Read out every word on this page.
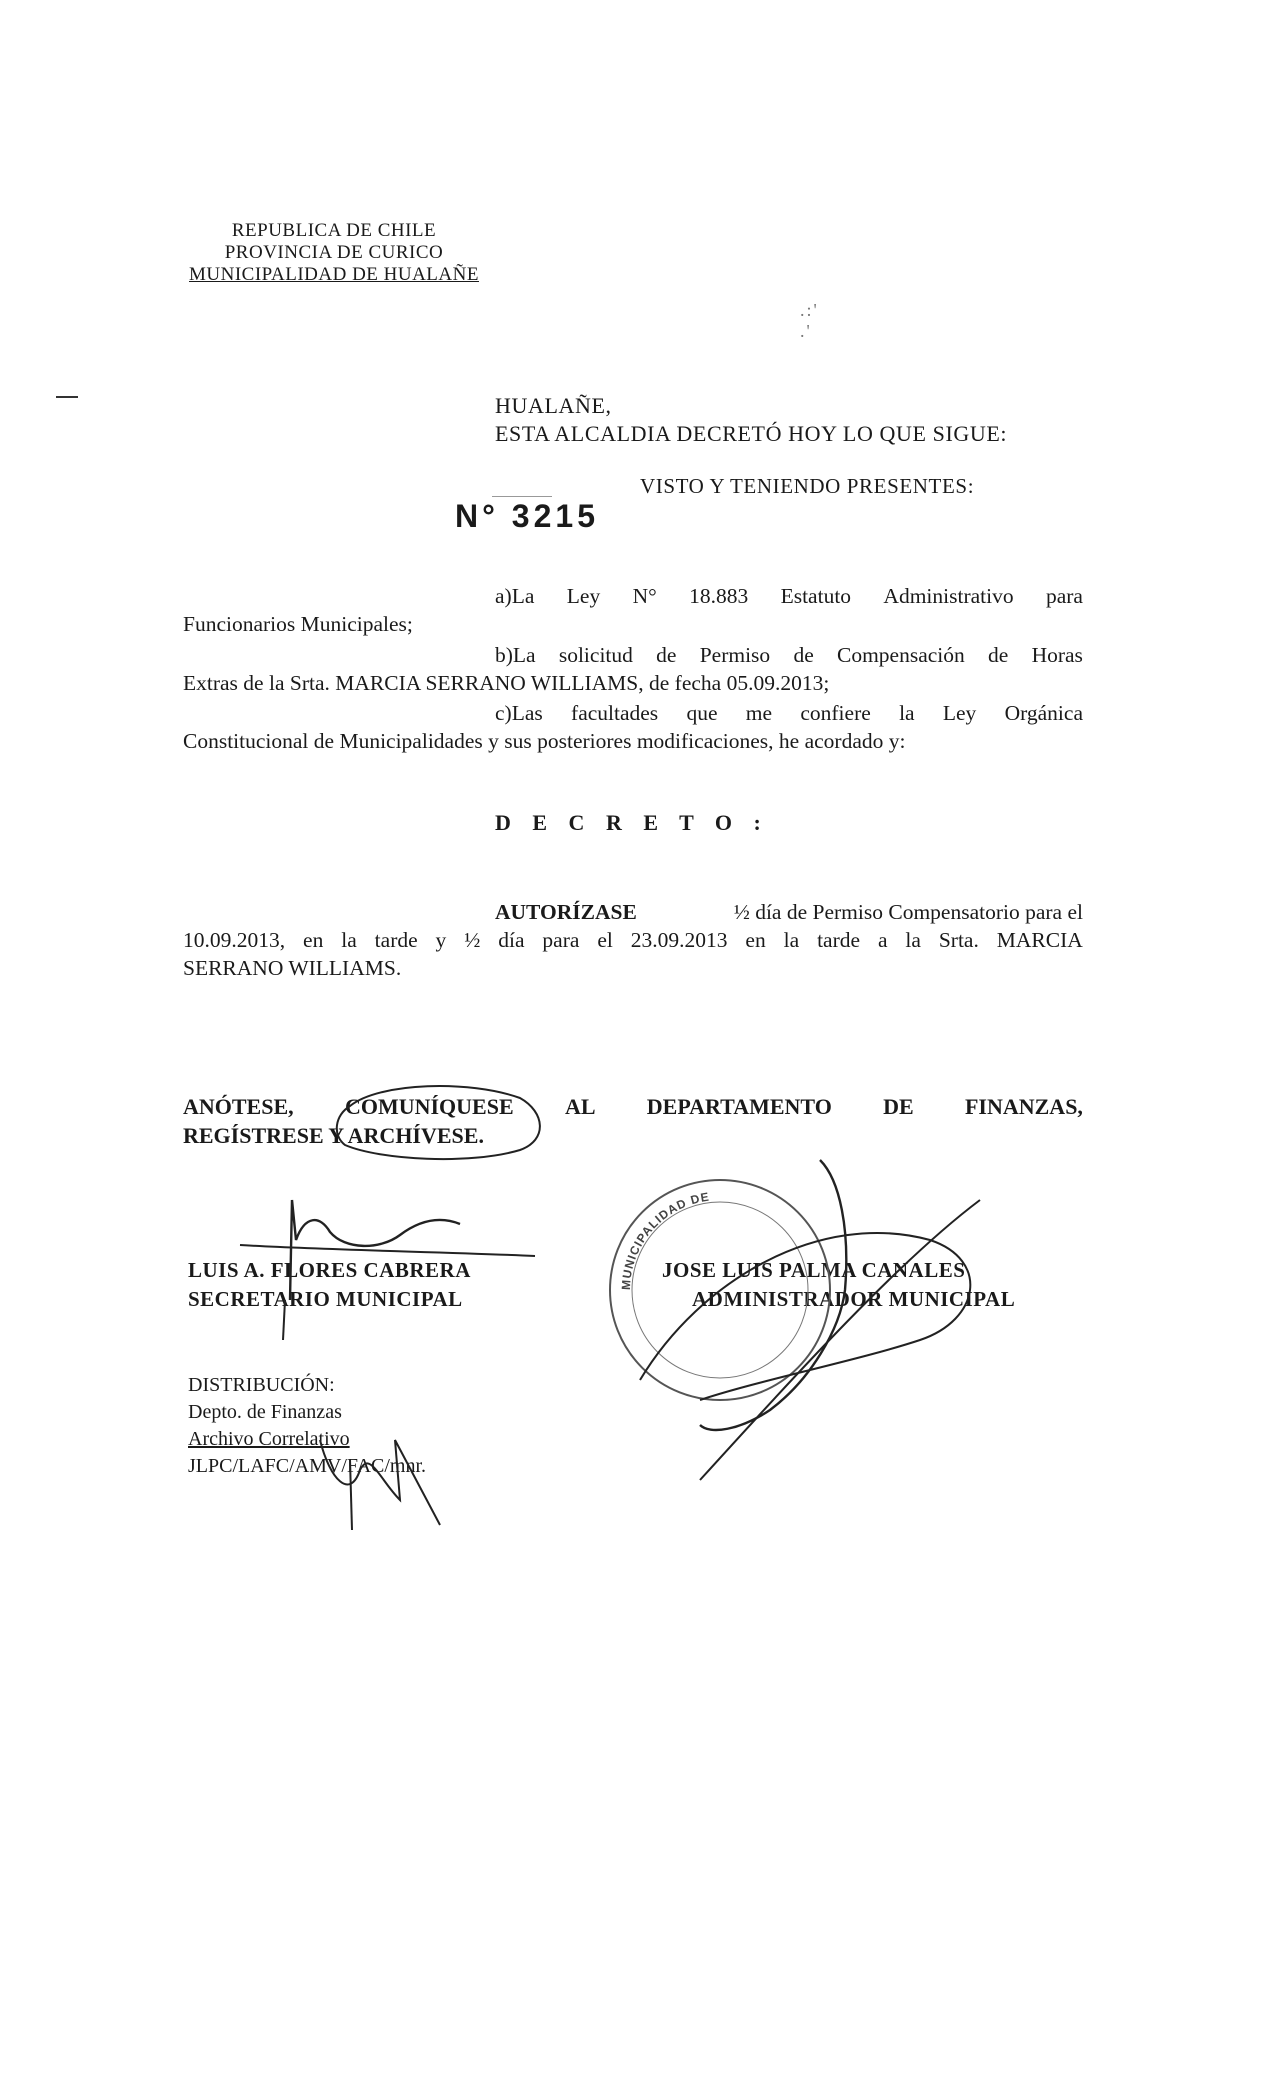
REPUBLICA DE CHILE
PROVINCIA DE CURICO
MUNICIPALIDAD DE HUALAÑE
.:'
.'
HUALAÑE,
ESTA ALCALDIA DECRETÓ HOY LO QUE SIGUE:
VISTO Y TENIENDO PRESENTES:
N° 3215
a)La Ley N° 18.883 Estatuto Administrativo para
Funcionarios Municipales;
b)La solicitud de Permiso de Compensación de Horas
Extras de la Srta. MARCIA SERRANO WILLIAMS, de fecha 05.09.2013;
c)Las facultades que me confiere la Ley Orgánica
Constitucional de Municipalidades y sus posteriores modificaciones, he acordado y:
D E C R E T O :
AUTORÍZASE	½ día de Permiso Compensatorio para el
10.09.2013, en la tarde y ½ día para el 23.09.2013 en la tarde a la Srta. MARCIA
SERRANO WILLIAMS.
ANÓTESE, COMUNÍQUESE AL DEPARTAMENTO DE FINANZAS,
REGÍSTRESE Y ARCHÍVESE.
LUIS A. FLORES CABRERA
SECRETARIO MUNICIPAL
JOSE LUIS PALMA CANALES
ADMINISTRADOR MUNICIPAL
DISTRIBUCIÓN:
Depto. de Finanzas
Archivo Correlativo
JLPC/LAFC/AMV/FAC/mnr.
MUNICIPALIDAD DE
